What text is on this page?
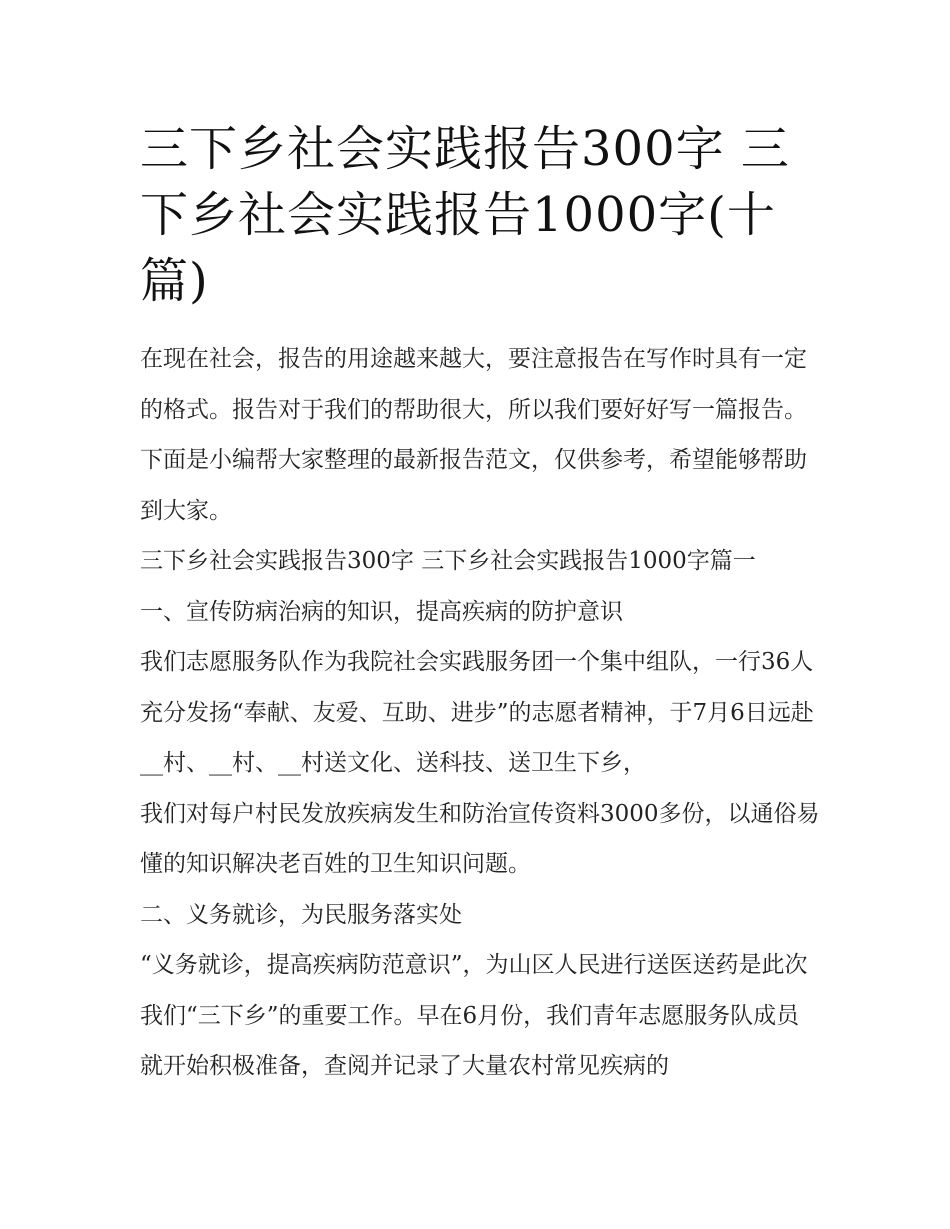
三下乡社会实践报告300字 三下乡社会实践报告1000字(十篇)

在现在社会，报告的用途越来越大，要注意报告在写作时具有一定的格式。报告对于我们的帮助很大，所以我们要好好写一篇报告。下面是小编帮大家整理的最新报告范文，仅供参考，希望能够帮助到大家。

三下乡社会实践报告300字 三下乡社会实践报告1000字篇一

一、宣传防病治病的知识，提高疾病的防护意识

我们志愿服务队作为我院社会实践服务团一个集中组队，一行36人充分发扬“奉献、友爱、互助、进步”的志愿者精神，于7月6日远赴__村、__村、__村送文化、送科技、送卫生下乡，

我们对每户村民发放疾病发生和防治宣传资料3000多份，以通俗易懂的知识解决老百姓的卫生知识问题。

二、义务就诊，为民服务落实处

“义务就诊，提高疾病防范意识”，为山区人民进行送医送药是此次我们“三下乡”的重要工作。早在6月份，我们青年志愿服务队成员就开始积极准备，查阅并记录了大量农村常见疾病的
